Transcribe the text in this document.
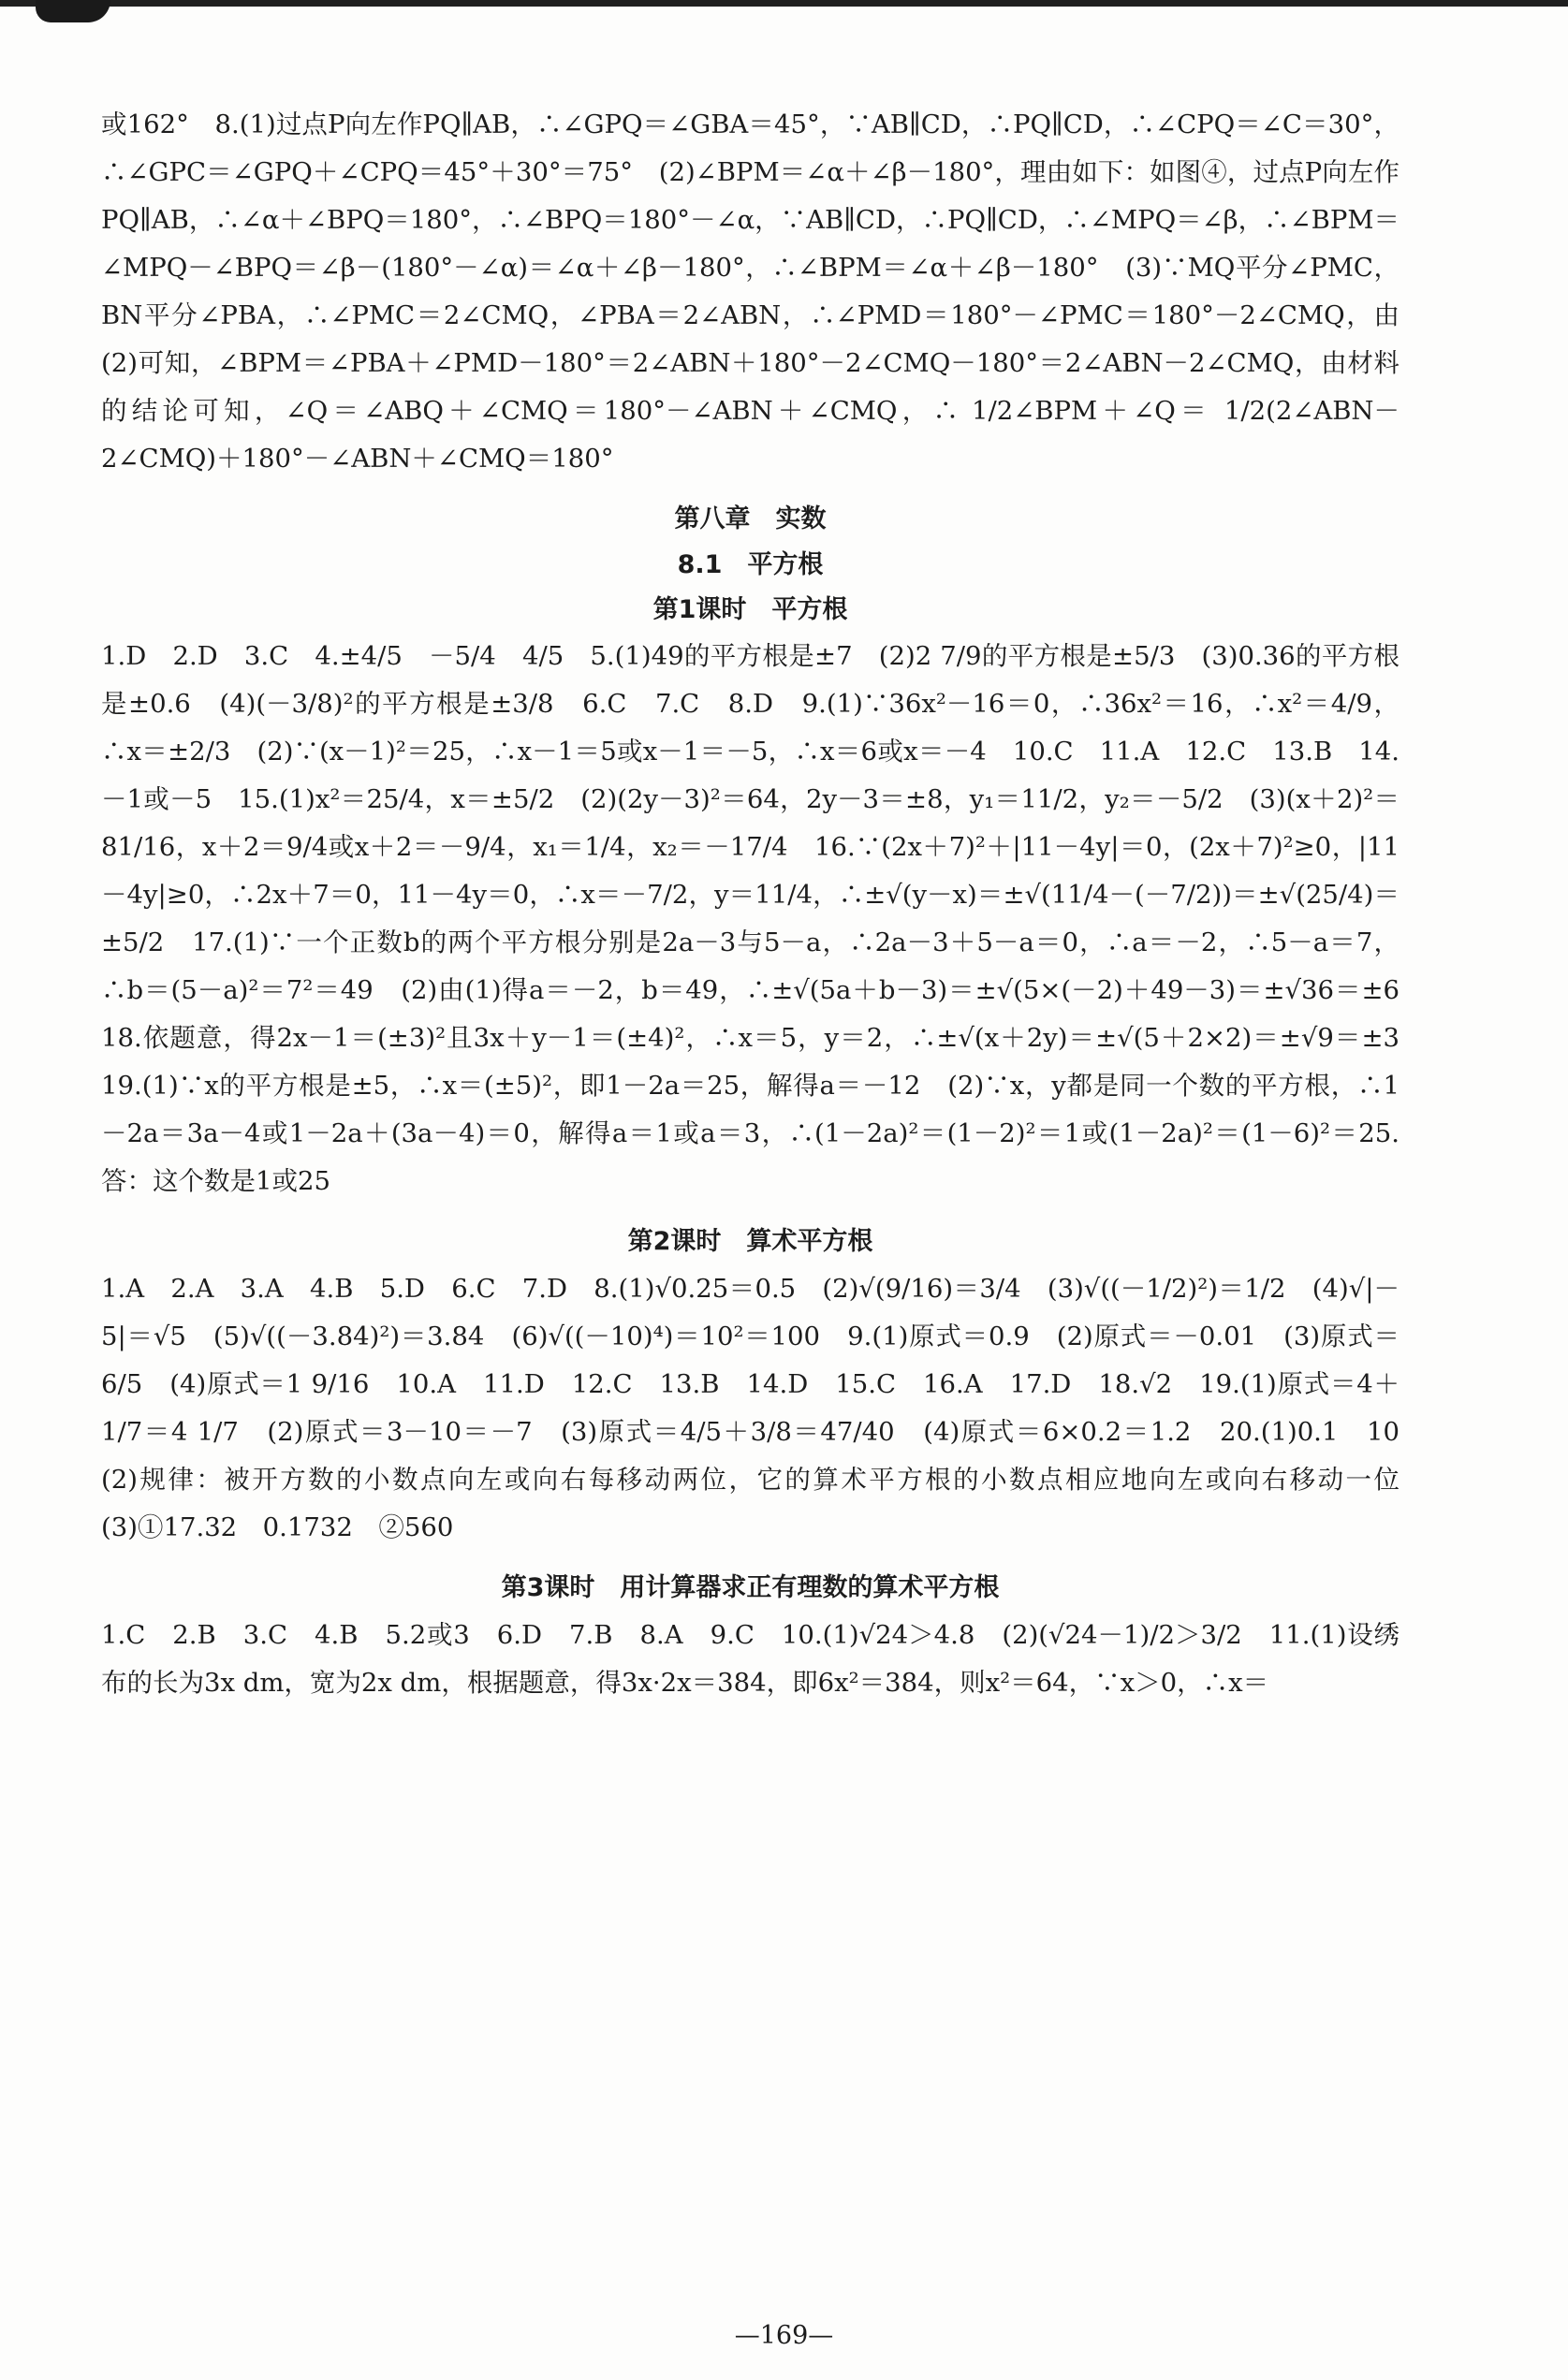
或162°　8.(1)过点P向左作PQ∥AB，∴∠GPQ＝∠GBA＝45°，∵AB∥CD，∴PQ∥CD，∴∠CPQ＝∠C＝30°，∴∠GPC＝∠GPQ＋∠CPQ＝45°＋30°＝75°　(2)∠BPM＝∠α＋∠β－180°，理由如下：如图④，过点P向左作PQ∥AB，∴∠α＋∠BPQ＝180°，∴∠BPQ＝180°－∠α，∵AB∥CD，∴PQ∥CD，∴∠MPQ＝∠β，∴∠BPM＝∠MPQ－∠BPQ＝∠β－(180°－∠α)＝∠α＋∠β－180°，∴∠BPM＝∠α＋∠β－180°　(3)∵MQ平分∠PMC，BN平分∠PBA，∴∠PMC＝2∠CMQ，∠PBA＝2∠ABN，∴∠PMD＝180°－∠PMC＝180°－2∠CMQ，由(2)可知，∠BPM＝∠PBA＋∠PMD－180°＝2∠ABN＋180°－2∠CMQ－180°＝2∠ABN－2∠CMQ，由材料的结论可知，∠Q＝∠ABQ＋∠CMQ＝180°－∠ABN＋∠CMQ，∴ 1/2∠BPM＋∠Q＝ 1/2(2∠ABN－2∠CMQ)＋180°－∠ABN＋∠CMQ＝180°

第八章　实数

8.1　平方根

第1课时　平方根

1.D　2.D　3.C　4.±4/5　－5/4　4/5　5.(1)49的平方根是±7　(2)2 7/9的平方根是±5/3　(3)0.36的平方根是±0.6　(4)(－3/8)²的平方根是±3/8　6.C　7.C　8.D　9.(1)∵36x²－16＝0，∴36x²＝16，∴x²＝4/9，∴x＝±2/3　(2)∵(x－1)²＝25，∴x－1＝5或x－1＝－5，∴x＝6或x＝－4　10.C　11.A　12.C　13.B　14.－1或－5　15.(1)x²＝25/4，x＝±5/2　(2)(2y－3)²＝64，2y－3＝±8，y₁＝11/2，y₂＝－5/2　(3)(x＋2)²＝81/16，x＋2＝9/4或x＋2＝－9/4，x₁＝1/4，x₂＝－17/4　16.∵(2x＋7)²＋|11－4y|＝0，(2x＋7)²≥0，|11－4y|≥0，∴2x＋7＝0，11－4y＝0，∴x＝－7/2，y＝11/4，∴±√(y－x)＝±√(11/4－(－7/2))＝±√(25/4)＝±5/2　17.(1)∵一个正数b的两个平方根分别是2a－3与5－a，∴2a－3＋5－a＝0，∴a＝－2，∴5－a＝7，∴b＝(5－a)²＝7²＝49　(2)由(1)得a＝－2，b＝49，∴±√(5a＋b－3)＝±√(5×(－2)＋49－3)＝±√36＝±6　18.依题意，得2x－1＝(±3)²且3x＋y－1＝(±4)²，∴x＝5，y＝2，∴±√(x＋2y)＝±√(5＋2×2)＝±√9＝±3　19.(1)∵x的平方根是±5，∴x＝(±5)²，即1－2a＝25，解得a＝－12　(2)∵x，y都是同一个数的平方根，∴1－2a＝3a－4或1－2a＋(3a－4)＝0，解得a＝1或a＝3，∴(1－2a)²＝(1－2)²＝1或(1－2a)²＝(1－6)²＝25.答：这个数是1或25

第2课时　算术平方根

1.A　2.A　3.A　4.B　5.D　6.C　7.D　8.(1)√0.25＝0.5　(2)√(9/16)＝3/4　(3)√((－1/2)²)＝1/2　(4)√|－5|＝√5　(5)√((－3.84)²)＝3.84　(6)√((－10)⁴)＝10²＝100　9.(1)原式＝0.9　(2)原式＝－0.01　(3)原式＝6/5　(4)原式＝1 9/16　10.A　11.D　12.C　13.B　14.D　15.C　16.A　17.D　18.√2　19.(1)原式＝4＋1/7＝4 1/7　(2)原式＝3－10＝－7　(3)原式＝4/5＋3/8＝47/40　(4)原式＝6×0.2＝1.2　20.(1)0.1　10　(2)规律：被开方数的小数点向左或向右每移动两位，它的算术平方根的小数点相应地向左或向右移动一位　(3)①17.32　0.1732　②560

第3课时　用计算器求正有理数的算术平方根

1.C　2.B　3.C　4.B　5.2或3　6.D　7.B　8.A　9.C　10.(1)√24＞4.8　(2)(√24－1)/2＞3/2　11.(1)设绣布的长为3x dm，宽为2x dm，根据题意，得3x·2x＝384，即6x²＝384，则x²＝64，∵x＞0，∴x＝

—169—
